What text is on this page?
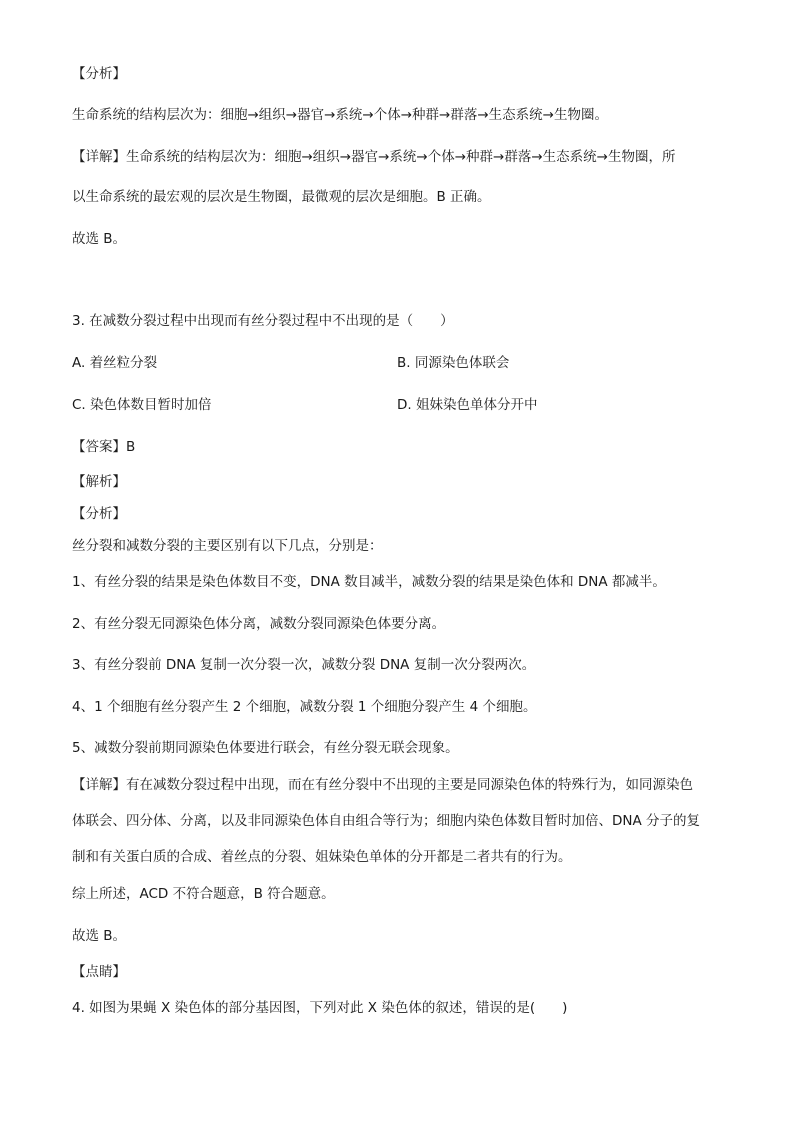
【分析】
生命系统的结构层次为：细胞→组织→器官→系统→个体→种群→群落→生态系统→生物圈。
【详解】生命系统的结构层次为：细胞→组织→器官→系统→个体→种群→群落→生态系统→生物圈，所
以生命系统的最宏观的层次是生物圈，最微观的层次是细胞。B 正确。
故选 B。
3. 在减数分裂过程中出现而有丝分裂过程中不出现的是（　　）
A. 着丝粒分裂	B. 同源染色体联会
C. 染色体数目暂时加倍	D. 姐妹染色单体分开中
【答案】B
【解析】
【分析】
丝分裂和减数分裂的主要区别有以下几点，分别是：
1、有丝分裂的结果是染色体数目不变，DNA 数目减半，减数分裂的结果是染色体和 DNA 都减半。
2、有丝分裂无同源染色体分离，减数分裂同源染色体要分离。
3、有丝分裂前 DNA 复制一次分裂一次，减数分裂 DNA 复制一次分裂两次。
4、1 个细胞有丝分裂产生 2 个细胞，减数分裂 1 个细胞分裂产生 4 个细胞。
5、减数分裂前期同源染色体要进行联会，有丝分裂无联会现象。
【详解】有在减数分裂过程中出现，而在有丝分裂中不出现的主要是同源染色体的特殊行为，如同源染色
体联会、四分体、分离，以及非同源染色体自由组合等行为；细胞内染色体数目暂时加倍、DNA 分子的复
制和有关蛋白质的合成、着丝点的分裂、姐妹染色单体的分开都是二者共有的行为。
综上所述，ACD 不符合题意，B 符合题意。
故选 B。
【点睛】
4. 如图为果蝇 X 染色体的部分基因图，下列对此 X 染色体的叙述，错误的是(　　)
